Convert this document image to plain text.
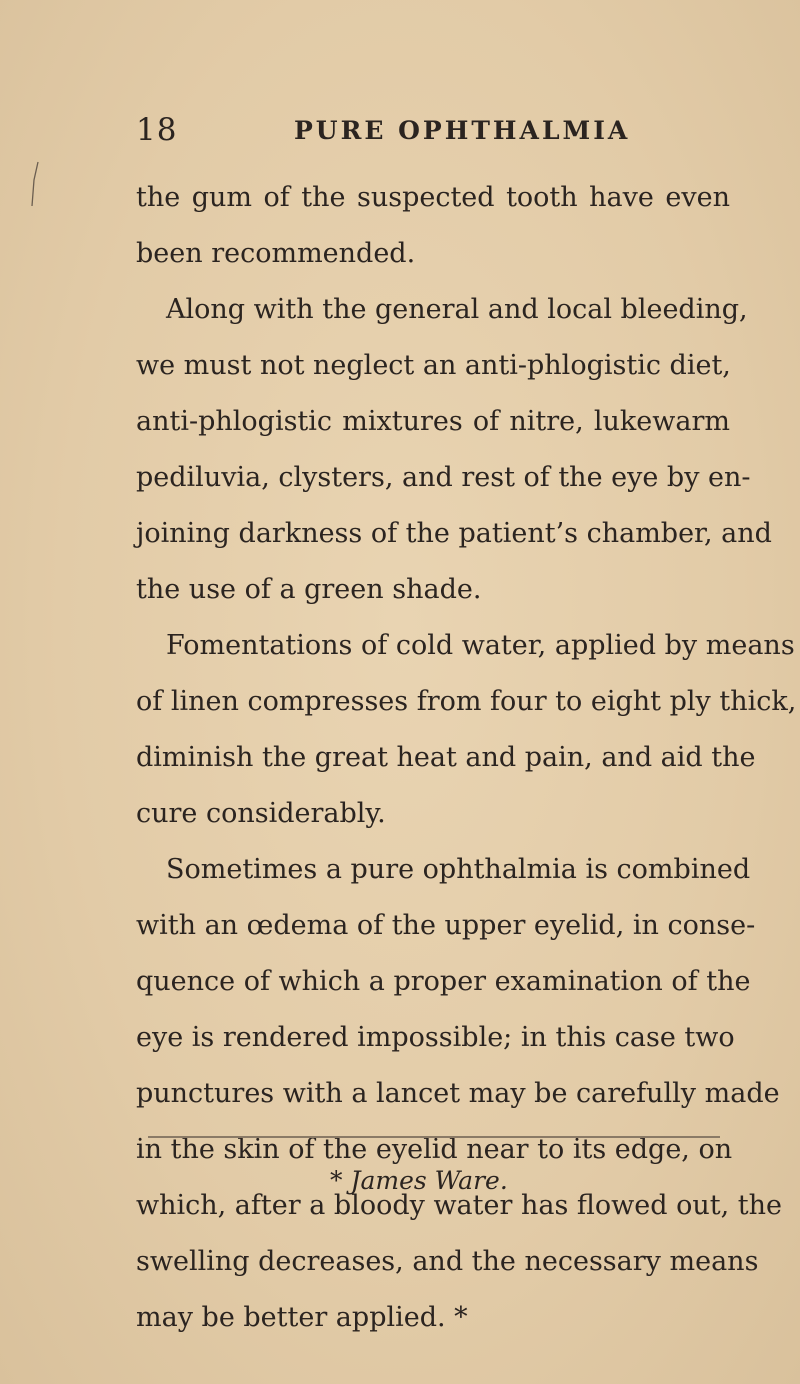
18	PURE OPHTHALMIA
the gum of the suspected tooth have even
been recommended.
Along with the general and local bleeding,
we must not neglect an anti-phlogistic diet,
anti-phlogistic mixtures of nitre, lukewarm
pediluvia, clysters, and rest of the eye by en-
joining darkness of the patient’s chamber, and
the use of a green shade.
Fomentations of cold water, applied by means
of linen compresses from four to eight ply thick,
diminish the great heat and pain, and aid the
cure considerably.
Sometimes a pure ophthalmia is combined
with an œdema of the upper eyelid, in conse-
quence of which a proper examination of the
eye is rendered impossible; in this case two
punctures with a lancet may be carefully made
in the skin of the eyelid near to its edge, on
which, after a bloody water has flowed out, the
swelling decreases, and the necessary means
may be better applied. *
* James Ware.
